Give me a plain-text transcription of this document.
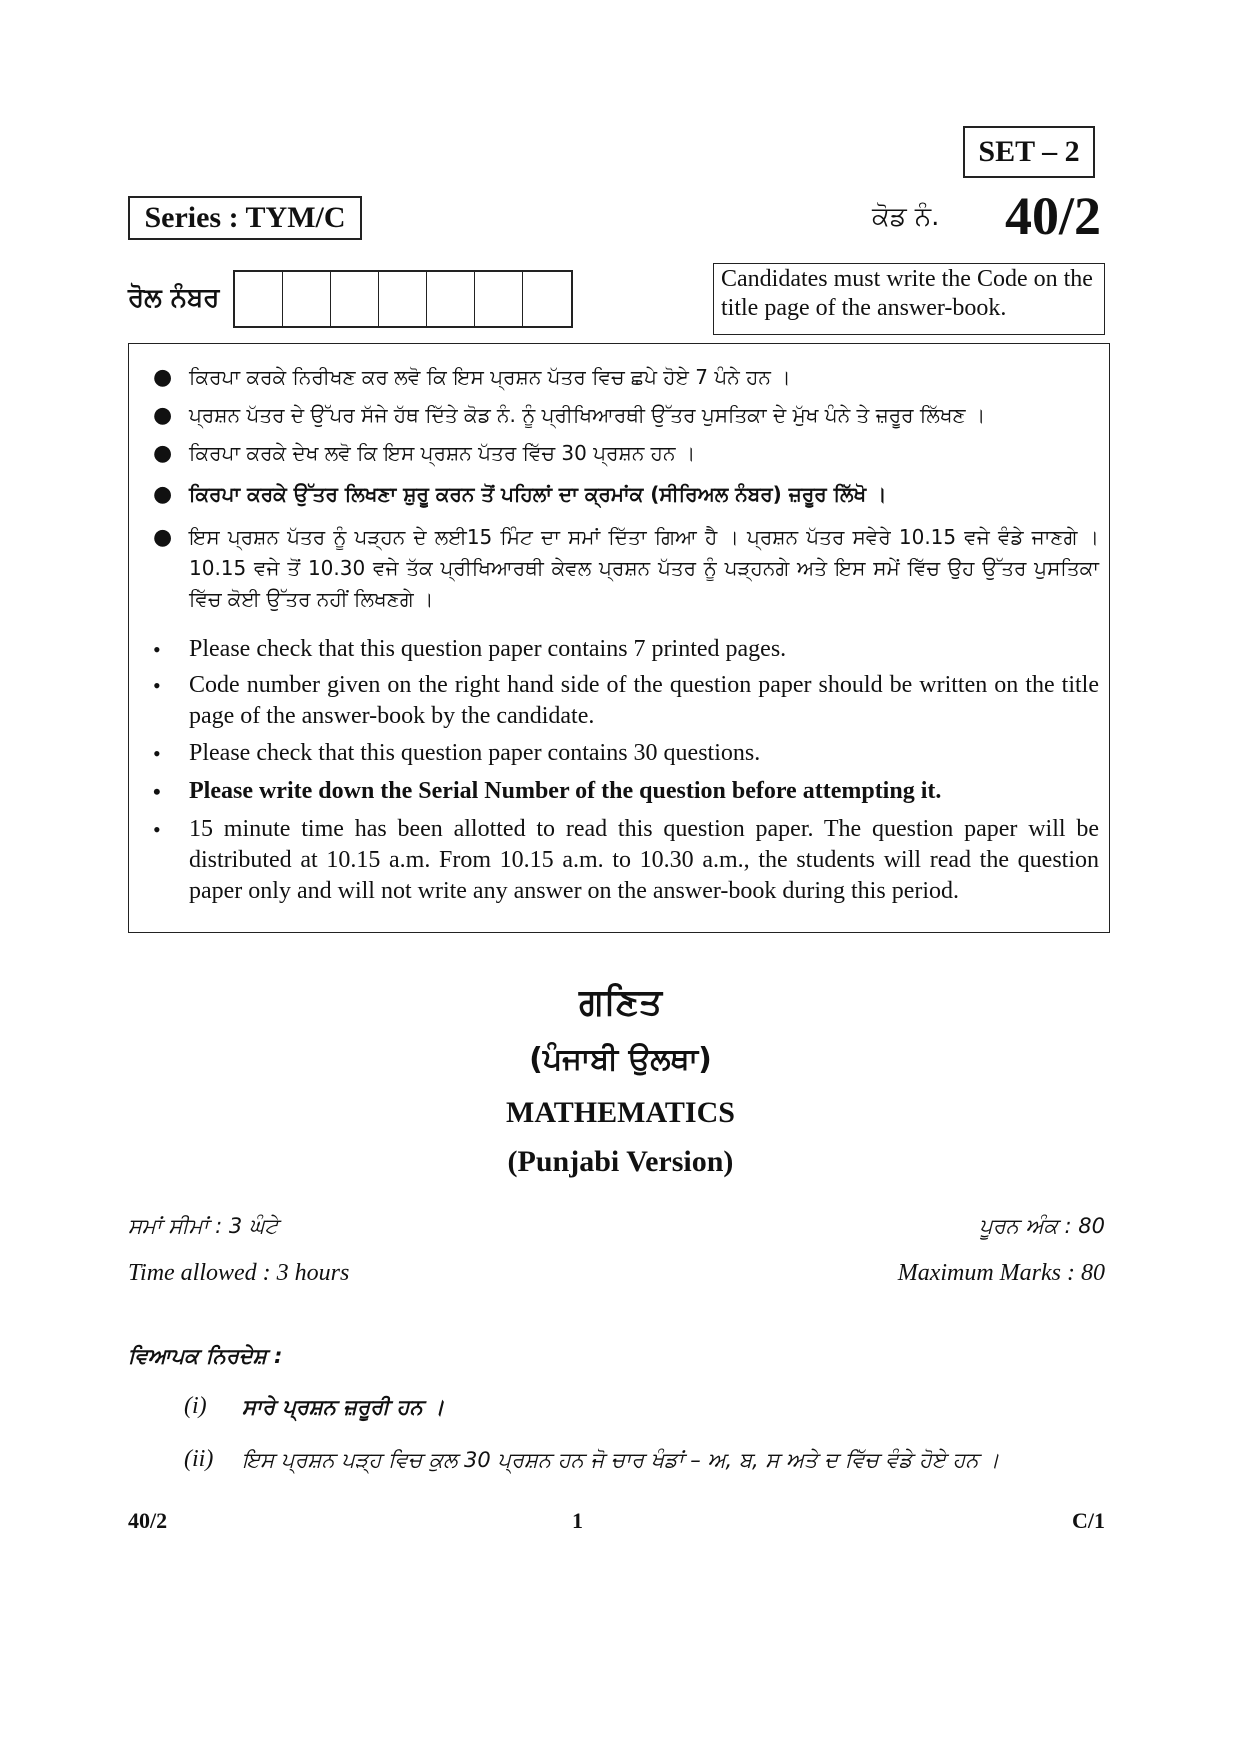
SET – 2
Series : TYM/C	ਕੋਡ ਨੰ. 40/2
ਰੋਲ ਨੰਬਰ
Candidates must write the Code on the title page of the answer-book.
● ਕਿਰਪਾ ਕਰਕੇ ਨਿਰੀਖਣ ਕਰ ਲਵੋ ਕਿ ਇਸ ਪ੍ਰਸ਼ਨ ਪੱਤਰ ਵਿਚ ਛਪੇ ਹੋਏ 7 ਪੰਨੇ ਹਨ ।
● ਪ੍ਰਸ਼ਨ ਪੱਤਰ ਦੇ ਉੱਪਰ ਸੱਜੇ ਹੱਥ ਦਿੱਤੇ ਕੋਡ ਨੰ. ਨੂੰ ਪ੍ਰੀਖਿਆਰਥੀ ਉੱਤਰ ਪੁਸਤਿਕਾ ਦੇ ਮੁੱਖ ਪੰਨੇ ਤੇ ਜ਼ਰੂਰ ਲਿੱਖਣ ।
● ਕਿਰਪਾ ਕਰਕੇ ਦੇਖ ਲਵੋ ਕਿ ਇਸ ਪ੍ਰਸ਼ਨ ਪੱਤਰ ਵਿੱਚ 30 ਪ੍ਰਸ਼ਨ ਹਨ ।
● ਕਿਰਪਾ ਕਰਕੇ ਉੱਤਰ ਲਿਖਣਾ ਸ਼ੁਰੂ ਕਰਨ ਤੋਂ ਪਹਿਲਾਂ ਦਾ ਕ੍ਰਮਾਂਕ (ਸੀਰਿਅਲ ਨੰਬਰ) ਜ਼ਰੂਰ ਲਿੱਖੋ ।
● ਇਸ ਪ੍ਰਸ਼ਨ ਪੱਤਰ ਨੂੰ ਪੜ੍ਹਨ ਦੇ ਲਈ15 ਮਿੰਟ ਦਾ ਸਮਾਂ ਦਿੱਤਾ ਗਿਆ ਹੈ । ਪ੍ਰਸ਼ਨ ਪੱਤਰ ਸਵੇਰੇ 10.15 ਵਜੇ ਵੰਡੇ ਜਾਣਗੇ । 10.15 ਵਜੇ ਤੋਂ 10.30 ਵਜੇ ਤੱਕ ਪ੍ਰੀਖਿਆਰਥੀ ਕੇਵਲ ਪ੍ਰਸ਼ਨ ਪੱਤਰ ਨੂੰ ਪੜ੍ਹਨਗੇ ਅਤੇ ਇਸ ਸਮੇਂ ਵਿੱਚ ਉਹ ਉੱਤਰ ਪੁਸਤਿਕਾ ਵਿੱਚ ਕੋਈ ਉੱਤਰ ਨਹੀਂ ਲਿਖਣਗੇ ।
• Please check that this question paper contains 7 printed pages.
• Code number given on the right hand side of the question paper should be written on the title page of the answer-book by the candidate.
• Please check that this question paper contains 30 questions.
• Please write down the Serial Number of the question before attempting it.
• 15 minute time has been allotted to read this question paper. The question paper will be distributed at 10.15 a.m. From 10.15 a.m. to 10.30 a.m., the students will read the question paper only and will not write any answer on the answer-book during this period.
ਗਣਿਤ
(ਪੰਜਾਬੀ ਉਲਥਾ)
MATHEMATICS
(Punjabi Version)
ਸਮਾਂ ਸੀਮਾਂ : 3 ਘੰਟੇ	ਪੂਰਨ ਅੰਕ : 80
Time allowed : 3 hours	Maximum Marks : 80
ਵਿਆਪਕ ਨਿਰਦੇਸ਼ :
(i) ਸਾਰੇ ਪ੍ਰਸ਼ਨ ਜ਼ਰੂਰੀ ਹਨ ।
(ii) ਇਸ ਪ੍ਰਸ਼ਨ ਪੜ੍ਹ ਵਿਚ ਕੁਲ 30 ਪ੍ਰਸ਼ਨ ਹਨ ਜੋ ਚਾਰ ਖੰਡਾਂ – ਅ, ਬ, ਸ ਅਤੇ ਦ ਵਿੱਚ ਵੰਡੇ ਹੋਏ ਹਨ ।
40/2	1	C/1
